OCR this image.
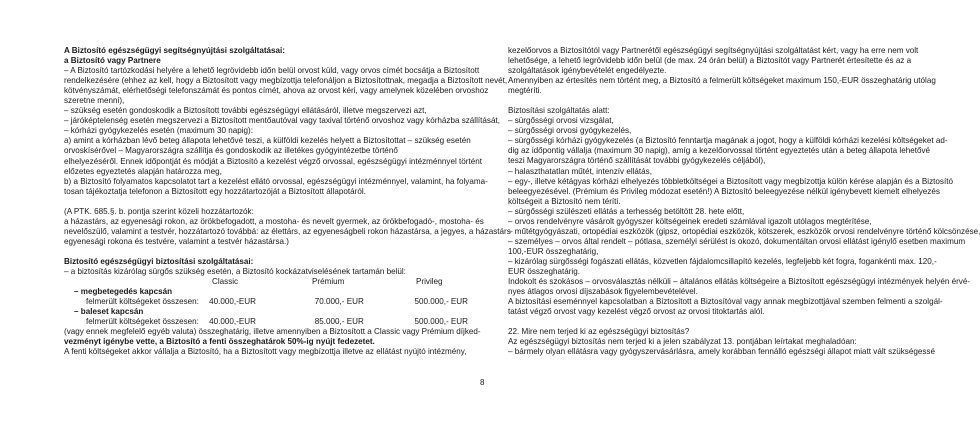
A Biztosító egészségügyi segítségnyújtási szolgáltatásai:
a Biztosító vagy Partnere
– A Biztosító tartózkodási helyére a lehető legrövidebb időn belül orvost küld, vagy orvos címét bocsátja a Biztosított
rendelkezésére (ehhez az kell, hogy a Biztosított vagy megbízottja telefonáljon a Biztosítottnak, megadja a Biztosított nevét,
kötvényszámát, elérhetőségi telefonszámát és pontos címét, ahova az orvost kéri, vagy amelynek közelében orvoshoz
szeretne menni),
– szükség esetén gondoskodik a Biztosított további egészségügyi ellátásáról, illetve megszervezi azt,
– járóképtelenség esetén megszervezi a Biztosított mentőautóval vagy taxival történő orvoshoz vagy kórházba szállítását,
– kórházi gyógykezelés esetén (maximum 30 napig):
a) amint a kórházban lévő beteg állapota lehetővé teszi, a külföldi kezelés helyett a Biztosítottat – szükség esetén
orvoskísérővel – Magyarországra szállítja és gondoskodik az illetékes gyógyintézetbe történő
elhelyezéséről. Ennek időpontját és módját a Biztosító a kezelést végző orvossal, egészségügyi intézménnyel történt
előzetes egyeztetés alapján határozza meg,
b) a Biztosító folyamatos kapcsolatot tart a kezelést ellátó orvossal, egészségügyi intézménnyel, valamint, ha folyama-
tosan tájékoztatja telefonon a Biztosított egy hozzátartozóját a Biztosított állapotáról.
(A PTK. 685.§. b. pontja szerint közeli hozzátartozók:
a házastárs, az egyenesági rokon, az örökbefogadott, a mostoha- és nevelt gyermek, az örökbefogadó-, mostoha- és
nevelőszülő, valamint a testvér, hozzátartozó továbbá: az élettárs, az egyeneságbeli rokon házastársa, a jegyes, a házastárs
egyenesági rokona és testvére, valamint a testvér házastársa.)
Biztosító egészségügyi biztosítási szolgáltatásai:
– a biztosítás kizárólag sürgős szükség esetén, a Biztosító kockázatviselésének tartamán belül:
Classic	Prémium	Privileg
– megbetegedés kapcsán
felmerült költségeket összesen:	40.000,-EUR	70.000,- EUR	500.000,- EUR
– baleset kapcsán
felmerült költségeket összesen:	40.000,-EUR	85.000,- EUR	500.000,- EUR
(vagy ennek megfelelő egyéb valuta) összeghatárig, illetve amennyiben a Biztosított a Classic vagy Prémium díjked-
vezményt igénybe vette, a Biztosító a fenti összeghatárok 50%-ig nyújt fedezetet.
A fenti költségeket akkor vállalja a Biztosító, ha a Biztosított vagy megbízottja illetve az ellátást nyújtó intézmény,
8
kezelőorvos a Biztosítótól vagy Partnerétől egészségügyi segítségnyújtási szolgáltatást kért, vagy ha erre nem volt
lehetősége, a lehető legrövidebb időn belül (de max. 24 órán belül) a Biztosítót vagy Partnerét értesítette és az a
szolgáltatások igénybevételét engedélyezte.
Amennyiben az értesítés nem történt meg, a Biztosító a felmerült költségeket maximum 150,-EUR összeghatárig utólag
megtéríti.
Biztosítási szolgáltatás alatt:
– sürgősségi orvosi vizsgálat,
– sürgősségi orvosi gyógykezelés,
– sürgősségi kórházi gyógykezelés (a Biztosító fenntartja magának a jogot, hogy a külföldi kórházi kezelési költségeket ad-
dig az időpontig vállalja (maximum 30 napig), amíg a kezelőorvossal történt egyeztetés után a beteg állapota lehetővé
teszi Magyarországra történő szállítását további gyógykezelés céljából),
– halaszthatatlan műtét, intenzív ellátás,
– egy-, illetve kétágyas kórházi elhelyezés többletköltségei a Biztosított vagy megbízottja külön kérése alapján és a Biztosító
beleegyezésével. (Prémium és Privileg módozat esetén!) A Biztosító beleegyezése nélkül igénybevett kiemelt elhelyezés
költségeit a Biztosító nem téríti.
– sürgősségi szülészeti ellátás a terhesség betöltött 28. hete előtt,
– orvos rendelvényre vásárolt gyógyszer költségeinek eredeti számlával igazolt utólagos megtérítése,
– műtétgyógyászati, ortopédiai eszközök (gipsz, ortopédiai eszközök, kötszerek, eszközök orvosi rendelvényre történő kölcsönzése,
– személyes – orvos által rendelt – pótlasa, személyi sérülést is okozó, dokumentáltan orvosi ellátást igénylő esetben maximum
100,-EUR összeghatárig,
– kizárólag sürgősségi fogászati ellátás, közvetlen fájdalomcsillapító kezelés, legfeljebb két fogra, fogankénti max. 120,-
EUR összeghatárig.
Indokolt és szokásos – orvosválasztás nélküli – általános ellátás költségeire a Biztosított egészségügyi intézmények helyén érvé-
nyes átlagos orvosi díjszabások figyelembevételével.
A biztosítási eseménnyel kapcsolatban a Biztosított a Biztosítóval vagy annak megbízottjával szemben felmenti a szolgál-
tatást végző orvost vagy kezelést végző orvost az orvosi titoktartás alól.
22. Mire nem terjed ki az egészségügyi biztosítás?
Az egészségügyi biztosítás nem terjed ki a jelen szabályzat 13. pontjában leírtakat meghaladóan:
– bármely olyan ellátásra vagy gyógyszervásárlásra, amely korábban fennálló egészségi állapot miatt vált szükségessé
